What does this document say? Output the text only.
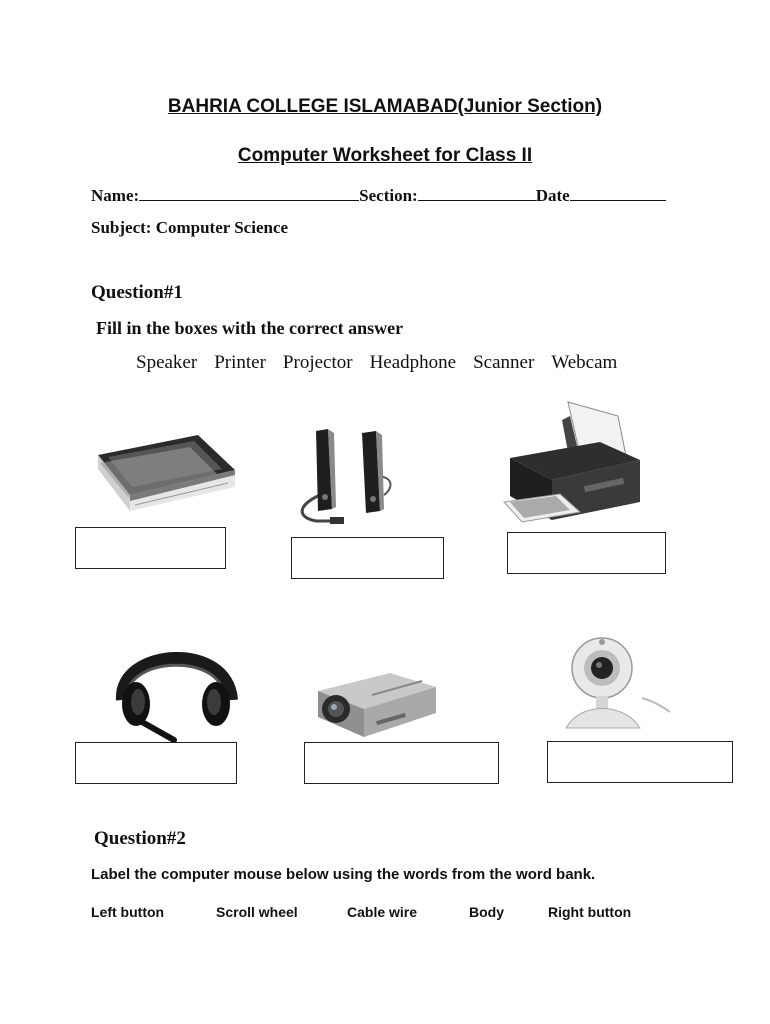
BAHRIA COLLEGE ISLAMABAD(Junior Section)
Computer Worksheet for Class II
Name:	Section:	Date
Subject: Computer Science
Question#1
Fill in the boxes with the correct answer
Speaker Printer Projector Headphone Scanner Webcam
Question#2
Label the computer mouse below using the words from the word bank.
Left button	Scroll wheel	Cable wire	Body	Right button
